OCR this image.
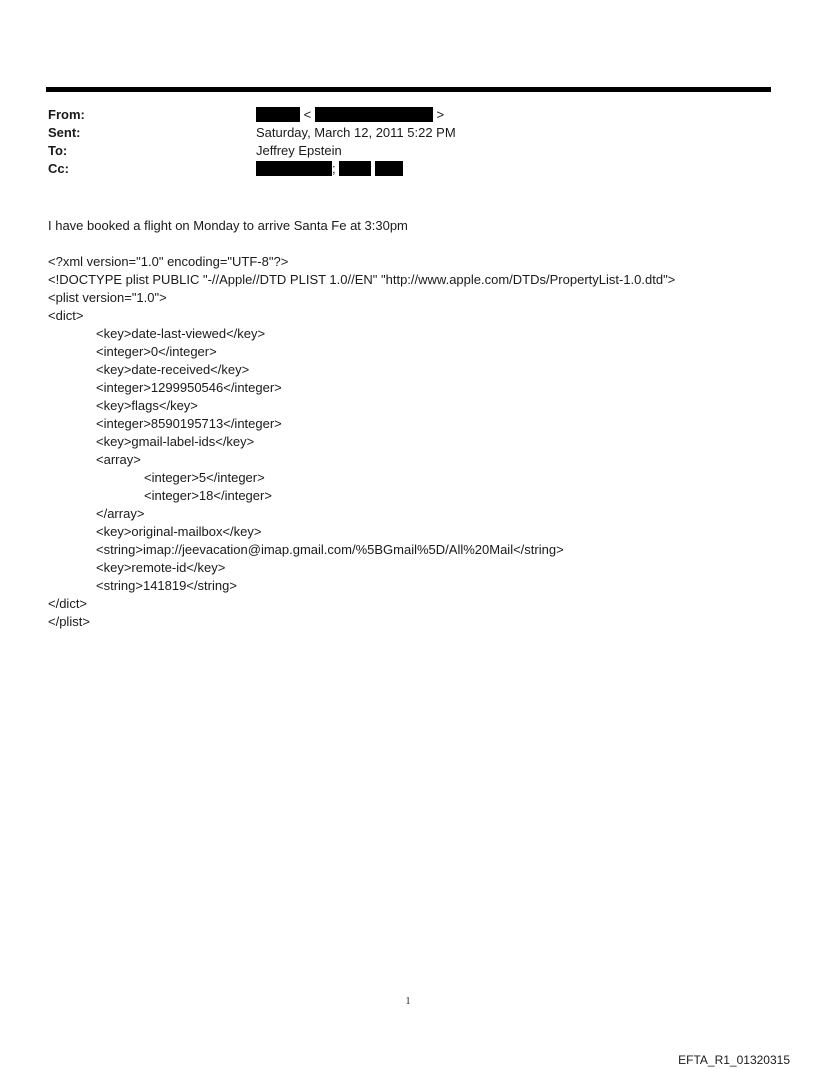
From:	<	>
Sent:	Saturday, March 12, 2011 5:22 PM
To:	Jeffrey Epstein
Cc:	;
I have booked a flight on Monday to arrive Santa Fe at 3:30pm
<?xml version="1.0" encoding="UTF-8"?>
<!DOCTYPE plist PUBLIC "-//Apple//DTD PLIST 1.0//EN" "http://www.apple.com/DTDs/PropertyList-1.0.dtd">
<plist version="1.0">
<dict>
<key>date-last-viewed</key>
<integer>0</integer>
<key>date-received</key>
<integer>1299950546</integer>
<key>flags</key>
<integer>8590195713</integer>
<key>gmail-label-ids</key>
<array>
<integer>5</integer>
<integer>18</integer>
</array>
<key>original-mailbox</key>
<string>imap://jeevacation@imap.gmail.com/%5BGmail%5D/All%20Mail</string>
<key>remote-id</key>
<string>141819</string>
</dict>
</plist>
1
EFTA_R1_01320315
